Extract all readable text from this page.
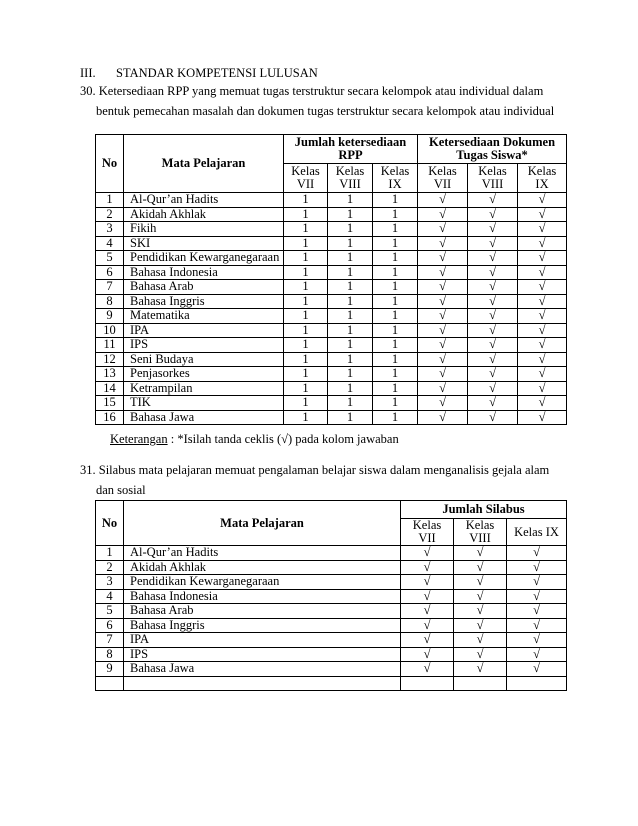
III. STANDAR KOMPETENSI LULUSAN
30. Ketersediaan RPP yang memuat tugas terstruktur secara kelompok atau individual dalam
bentuk pemecahan masalah dan dokumen tugas terstruktur secara kelompok atau individual
No	Mata Pelajaran	Jumlah ketersediaan RPP			Ketersediaan Dokumen Tugas Siswa*		
		Kelas VII	Kelas VIII	Kelas IX	Kelas VII	Kelas VIII	Kelas IX
1	Al-Qur’an Hadits	1	1	1	√	√	√
2	Akidah Akhlak	1	1	1	√	√	√
3	Fikih	1	1	1	√	√	√
4	SKI	1	1	1	√	√	√
5	Pendidikan Kewarganegaraan	1	1	1	√	√	√
6	Bahasa Indonesia	1	1	1	√	√	√
7	Bahasa Arab	1	1	1	√	√	√
8	Bahasa Inggris	1	1	1	√	√	√
9	Matematika	1	1	1	√	√	√
10	IPA	1	1	1	√	√	√
11	IPS	1	1	1	√	√	√
12	Seni Budaya	1	1	1	√	√	√
13	Penjasorkes	1	1	1	√	√	√
14	Ketrampilan	1	1	1	√	√	√
15	TIK	1	1	1	√	√	√
16	Bahasa Jawa	1	1	1	√	√	√
Keterangan : *Isilah tanda ceklis (√) pada kolom jawaban
31. Silabus mata pelajaran memuat pengalaman belajar siswa dalam menganalisis gejala alam
dan sosial
No	Mata Pelajaran	Jumlah Silabus		
		Kelas VII	Kelas VIII	Kelas IX
1	Al-Qur’an Hadits	√	√	√
2	Akidah Akhlak	√	√	√
3	Pendidikan Kewarganegaraan	√	√	√
4	Bahasa Indonesia	√	√	√
5	Bahasa Arab	√	√	√
6	Bahasa Inggris	√	√	√
7	IPA	√	√	√
8	IPS	√	√	√
9	Bahasa Jawa	√	√	√
